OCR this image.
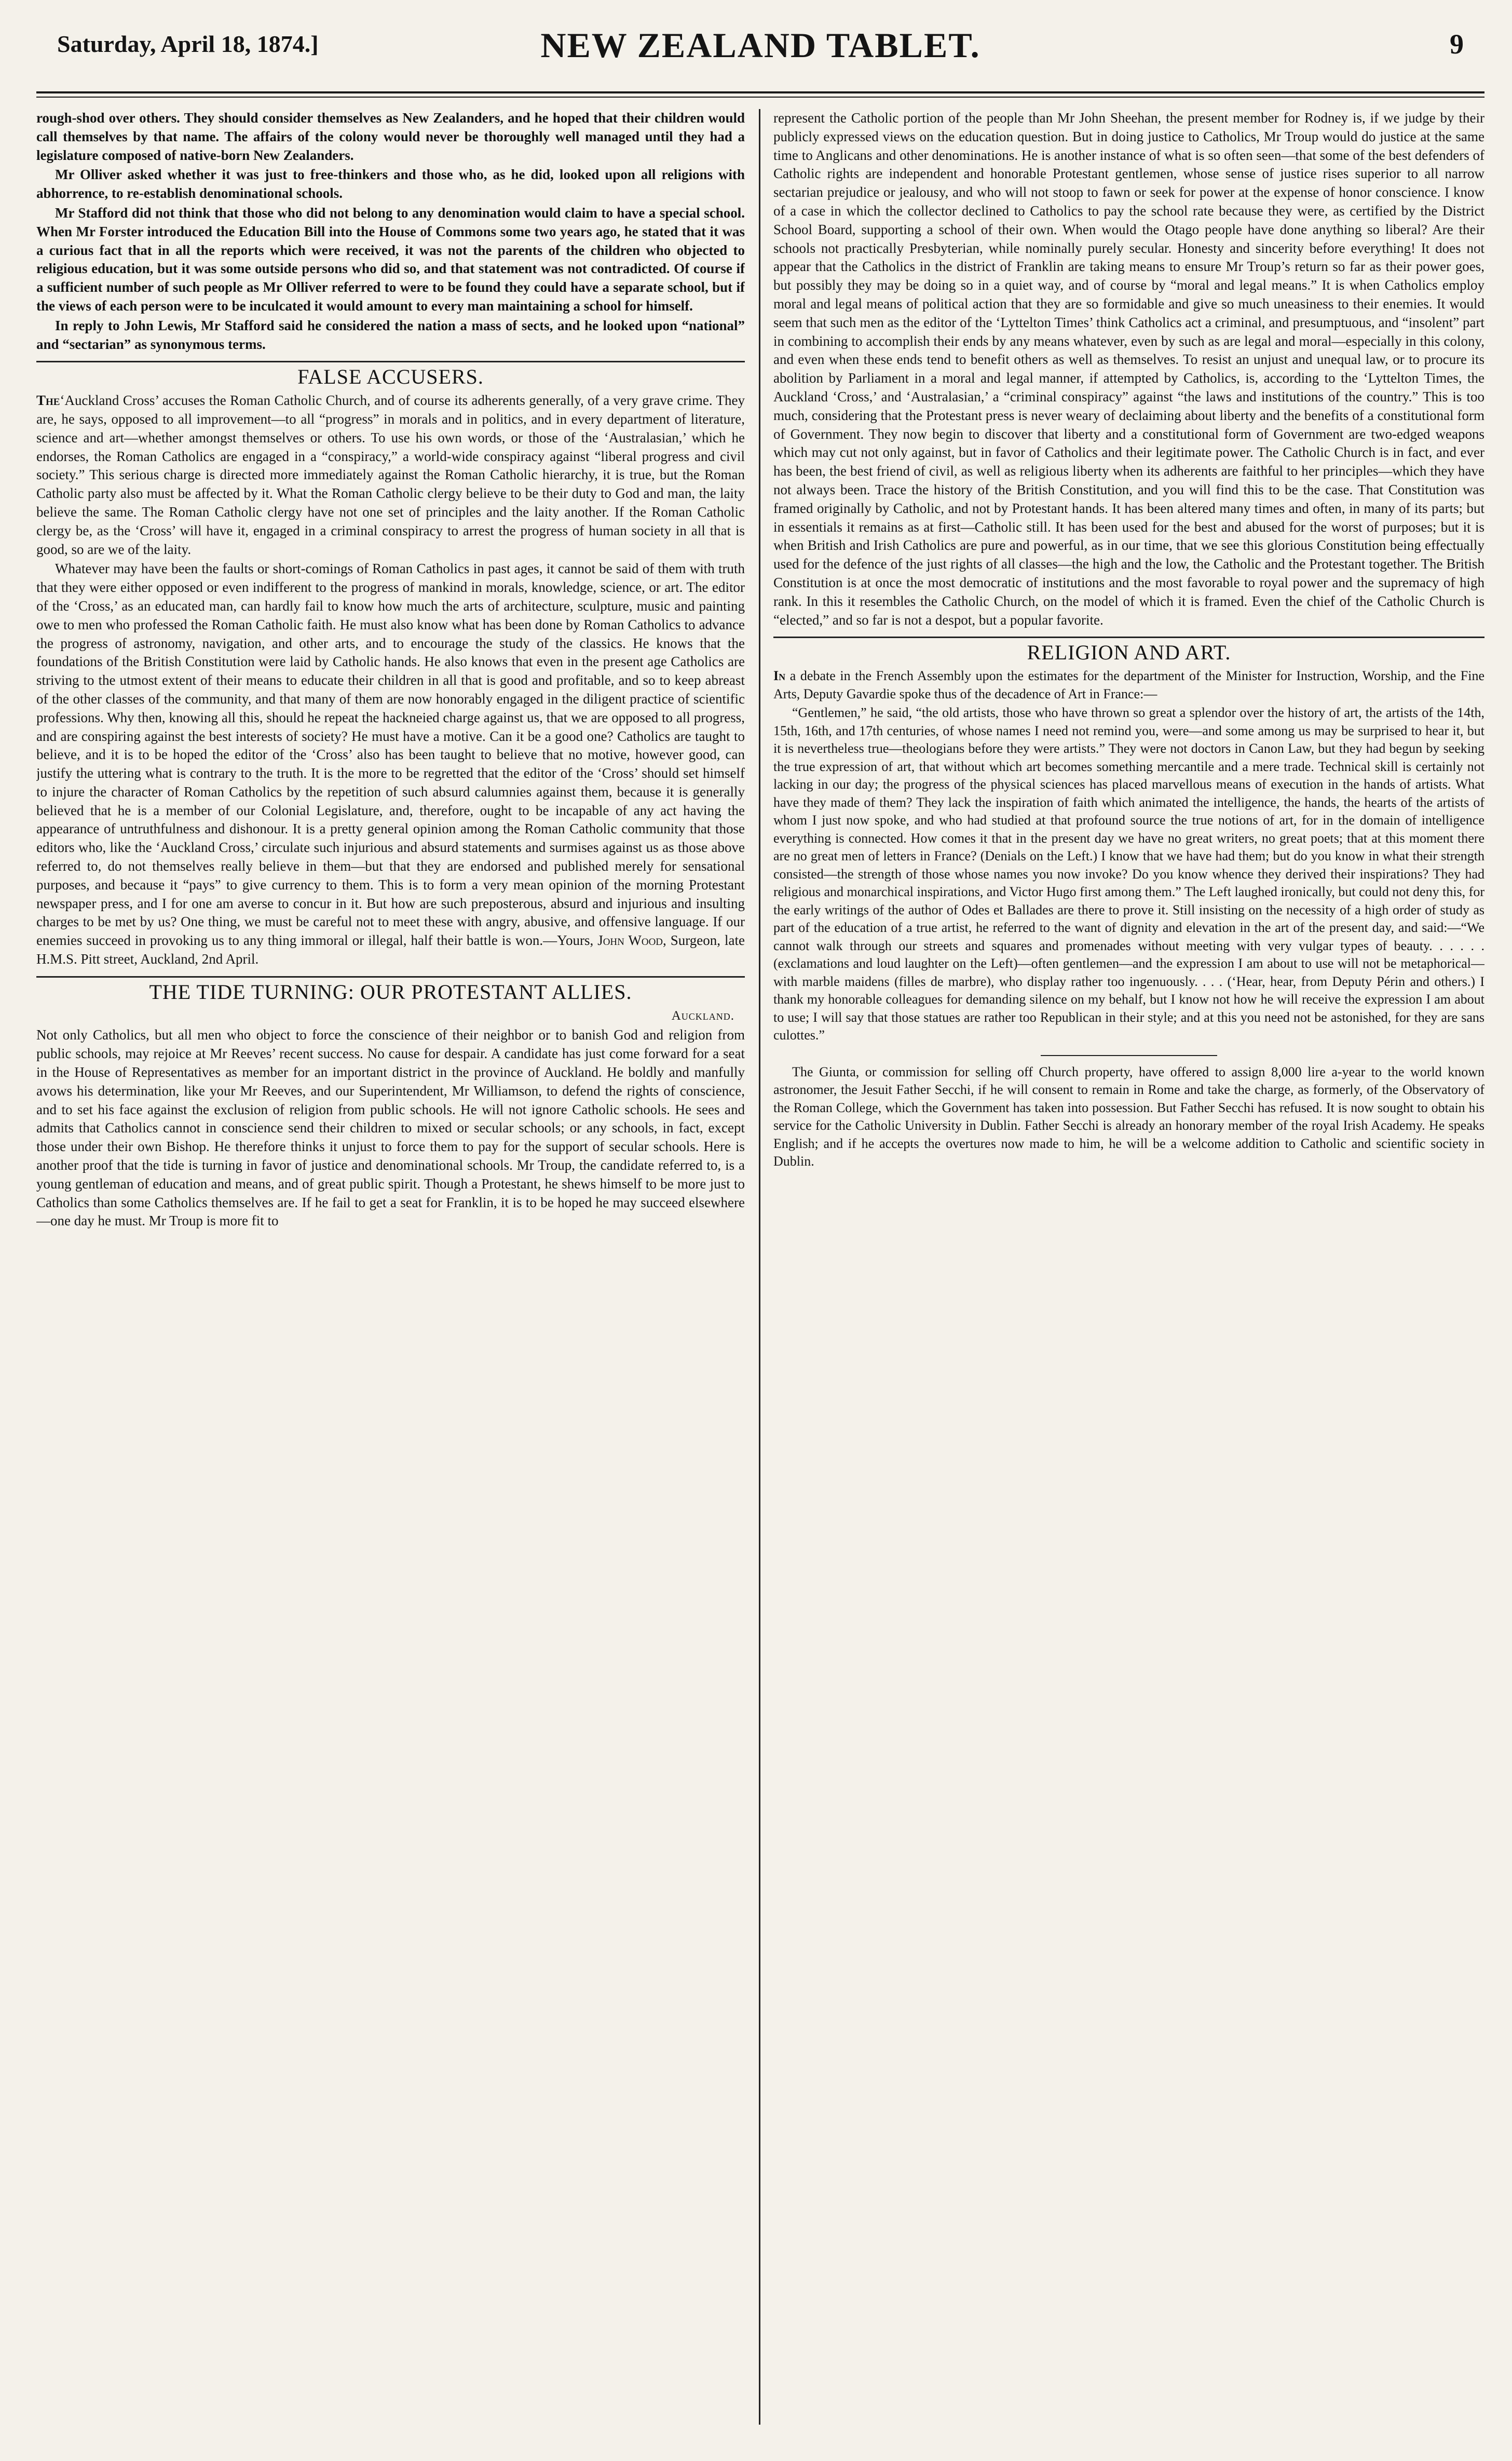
Saturday, April 18, 1874.]	NEW ZEALAND TABLET.	9

rough-shod over others. They should consider themselves as New Zealanders, and he hoped that their children would call themselves by that name. The affairs of the colony would never be thoroughly well managed until they had a legislature composed of native-born New Zealanders.

Mr Olliver asked whether it was just to free-thinkers and those who, as he did, looked upon all religions with abhorrence, to re-establish denominational schools.

Mr Stafford did not think that those who did not belong to any denomination would claim to have a special school. When Mr Forster introduced the Education Bill into the House of Commons some two years ago, he stated that it was a curious fact that in all the reports which were received, it was not the parents of the children who objected to religious education, but it was some outside persons who did so, and that statement was not contradicted. Of course if a sufficient number of such people as Mr Olliver referred to were to be found they could have a separate school, but if the views of each person were to be inculcated it would amount to every man maintaining a school for himself.

In reply to John Lewis, Mr Stafford said he considered the nation a mass of sects, and he looked upon “national” and “sectarian” as synonymous terms.

FALSE ACCUSERS.

The‘Auckland Cross’ accuses the Roman Catholic Church, and of course its adherents generally, of a very grave crime. They are, he says, opposed to all improvement—to all “progress” in morals and in politics, and in every department of literature, science and art—whether amongst themselves or others. To use his own words, or those of the ‘Australasian,’ which he endorses, the Roman Catholics are engaged in a “conspiracy,” a world-wide conspiracy against “liberal progress and civil society.” This serious charge is directed more immediately against the Roman Catholic hierarchy, it is true, but the Roman Catholic party also must be affected by it. What the Roman Catholic clergy believe to be their duty to God and man, the laity believe the same. The Roman Catholic clergy have not one set of principles and the laity another. If the Roman Catholic clergy be, as the ‘Cross’ will have it, engaged in a criminal conspiracy to arrest the progress of human society in all that is good, so are we of the laity.

Whatever may have been the faults or short-comings of Roman Catholics in past ages, it cannot be said of them with truth that they were either opposed or even indifferent to the progress of mankind in morals, knowledge, science, or art. The editor of the ‘Cross,’ as an educated man, can hardly fail to know how much the arts of architecture, sculpture, music and painting owe to men who professed the Roman Catholic faith. He must also know what has been done by Roman Catholics to advance the progress of astronomy, navigation, and other arts, and to encourage the study of the classics. He knows that the foundations of the British Constitution were laid by Catholic hands. He also knows that even in the present age Catholics are striving to the utmost extent of their means to educate their children in all that is good and profitable, and so to keep abreast of the other classes of the community, and that many of them are now honorably engaged in the diligent practice of scientific professions. Why then, knowing all this, should he repeat the hackneied charge against us, that we are opposed to all progress, and are conspiring against the best interests of society? He must have a motive. Can it be a good one? Catholics are taught to believe, and it is to be hoped the editor of the ‘Cross’ also has been taught to believe that no motive, however good, can justify the uttering what is contrary to the truth. It is the more to be regretted that the editor of the ‘Cross’ should set himself to injure the character of Roman Catholics by the repetition of such absurd calumnies against them, because it is generally believed that he is a member of our Colonial Legislature, and, therefore, ought to be incapable of any act having the appearance of untruthfulness and dishonour. It is a pretty general opinion among the Roman Catholic community that those editors who, like the ‘Auckland Cross,’ circulate such injurious and absurd statements and surmises against us as those above referred to, do not themselves really believe in them—but that they are endorsed and published merely for sensational purposes, and because it “pays” to give currency to them. This is to form a very mean opinion of the morning Protestant newspaper press, and I for one am averse to concur in it. But how are such preposterous, absurd and injurious and insulting charges to be met by us? One thing, we must be careful not to meet these with angry, abusive, and offensive language. If our enemies succeed in provoking us to any thing immoral or illegal, half their battle is won.—Yours, John Wood, Surgeon, late H.M.S. Pitt street, Auckland, 2nd April.

THE TIDE TURNING: OUR PROTESTANT ALLIES.
Auckland.

Not only Catholics, but all men who object to force the conscience of their neighbor or to banish God and religion from public schools, may rejoice at Mr Reeves’ recent success. No cause for despair. A candidate has just come forward for a seat in the House of Representatives as member for an important district in the province of Auckland. He boldly and manfully avows his determination, like your Mr Reeves, and our Superintendent, Mr Williamson, to defend the rights of conscience, and to set his face against the exclusion of religion from public schools. He will not ignore Catholic schools. He sees and admits that Catholics cannot in conscience send their children to mixed or secular schools; or any schools, in fact, except those under their own Bishop. He therefore thinks it unjust to force them to pay for the support of secular schools. Here is another proof that the tide is turning in favor of justice and denominational schools. Mr Troup, the candidate referred to, is a young gentleman of education and means, and of great public spirit. Though a Protestant, he shews himself to be more just to Catholics than some Catholics themselves are. If he fail to get a seat for Franklin, it is to be hoped he may succeed elsewhere—one day he must. Mr Troup is more fit to

represent the Catholic portion of the people than Mr John Sheehan, the present member for Rodney is, if we judge by their publicly expressed views on the education question. But in doing justice to Catholics, Mr Troup would do justice at the same time to Anglicans and other denominations. He is another instance of what is so often seen—that some of the best defenders of Catholic rights are independent and honorable Protestant gentlemen, whose sense of justice rises superior to all narrow sectarian prejudice or jealousy, and who will not stoop to fawn or seek for power at the expense of honor conscience. I know of a case in which the collector declined to Catholics to pay the school rate because they were, as certified by the District School Board, supporting a school of their own. When would the Otago people have done anything so liberal? Are their schools not practically Presbyterian, while nominally purely secular. Honesty and sincerity before everything! It does not appear that the Catholics in the district of Franklin are taking means to ensure Mr Troup’s return so far as their power goes, but possibly they may be doing so in a quiet way, and of course by “moral and legal means.” It is when Catholics employ moral and legal means of political action that they are so formidable and give so much uneasiness to their enemies. It would seem that such men as the editor of the ‘Lyttelton Times’ think Catholics act a criminal, and presumptuous, and “insolent” part in combining to accomplish their ends by any means whatever, even by such as are legal and moral—especially in this colony, and even when these ends tend to benefit others as well as themselves. To resist an unjust and unequal law, or to procure its abolition by Parliament in a moral and legal manner, if attempted by Catholics, is, according to the ‘Lyttelton Times, the Auckland ‘Cross,’ and ‘Australasian,’ a “criminal conspiracy” against “the laws and institutions of the country.” This is too much, considering that the Protestant press is never weary of declaiming about liberty and the benefits of a constitutional form of Government. They now begin to discover that liberty and a constitutional form of Government are two-edged weapons which may cut not only against, but in favor of Catholics and their legitimate power. The Catholic Church is in fact, and ever has been, the best friend of civil, as well as religious liberty when its adherents are faithful to her principles—which they have not always been. Trace the history of the British Constitution, and you will find this to be the case. That Constitution was framed originally by Catholic, and not by Protestant hands. It has been altered many times and often, in many of its parts; but in essentials it remains as at first—Catholic still. It has been used for the best and abused for the worst of purposes; but it is when British and Irish Catholics are pure and powerful, as in our time, that we see this glorious Constitution being effectually used for the defence of the just rights of all classes—the high and the low, the Catholic and the Protestant together. The British Constitution is at once the most democratic of institutions and the most favorable to royal power and the supremacy of high rank. In this it resembles the Catholic Church, on the model of which it is framed. Even the chief of the Catholic Church is “elected,” and so far is not a despot, but a popular favorite.

RELIGION AND ART.

In a debate in the French Assembly upon the estimates for the department of the Minister for Instruction, Worship, and the Fine Arts, Deputy Gavardie spoke thus of the decadence of Art in France:—

“Gentlemen,” he said, “the old artists, those who have thrown so great a splendor over the history of art, the artists of the 14th, 15th, 16th, and 17th centuries, of whose names I need not remind you, were—and some among us may be surprised to hear it, but it is nevertheless true—theologians before they were artists.” They were not doctors in Canon Law, but they had begun by seeking the true expression of art, that without which art becomes something mercantile and a mere trade. Technical skill is certainly not lacking in our day; the progress of the physical sciences has placed marvellous means of execution in the hands of artists. What have they made of them? They lack the inspiration of faith which animated the intelligence, the hands, the hearts of the artists of whom I just now spoke, and who had studied at that profound source the true notions of art, for in the domain of intelligence everything is connected. How comes it that in the present day we have no great writers, no great poets; that at this moment there are no great men of letters in France? (Denials on the Left.) I know that we have had them; but do you know in what their strength consisted—the strength of those whose names you now invoke? Do you know whence they derived their inspirations? They had religious and monarchical inspirations, and Victor Hugo first among them.” The Left laughed ironically, but could not deny this, for the early writings of the author of Odes et Ballades are there to prove it. Still insisting on the necessity of a high order of study as part of the education of a true artist, he referred to the want of dignity and elevation in the art of the present day, and said:—“We cannot walk through our streets and squares and promenades without meeting with very vulgar types of beauty. . . . . . (exclamations and loud laughter on the Left)—often gentlemen—and the expression I am about to use will not be metaphorical—with marble maidens (filles de marbre), who display rather too ingenuously. . . . (‘Hear, hear, from Deputy Périn and others.) I thank my honorable colleagues for demanding silence on my behalf, but I know not how he will receive the expression I am about to use; I will say that those statues are rather too Republican in their style; and at this you need not be astonished, for they are sans culottes.”

The Giunta, or commission for selling off Church property, have offered to assign 8,000 lire a-year to the world known astronomer, the Jesuit Father Secchi, if he will consent to remain in Rome and take the charge, as formerly, of the Observatory of the Roman College, which the Government has taken into possession. But Father Secchi has refused. It is now sought to obtain his service for the Catholic University in Dublin. Father Secchi is already an honorary member of the royal Irish Academy. He speaks English; and if he accepts the overtures now made to him, he will be a welcome addition to Catholic and scientific society in Dublin.
